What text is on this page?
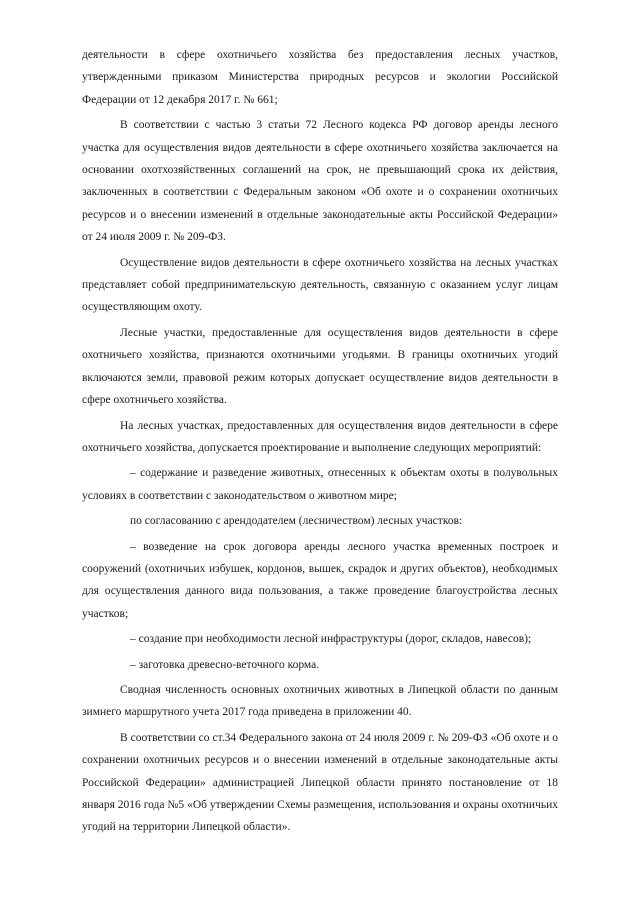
деятельности в сфере охотничьего хозяйства без предоставления лесных участков, утвержденными приказом Министерства природных ресурсов и экологии Российской Федерации от 12 декабря 2017 г. № 661;

В соответствии с частью 3 статьи 72 Лесного кодекса РФ договор аренды лесного участка для осуществления видов деятельности в сфере охотничьего хозяйства заключается на основании охотхозяйственных соглашений на срок, не превышающий срока их действия, заключенных в соответствии с Федеральным законом «Об охоте и о сохранении охотничьих ресурсов и о внесении изменений в отдельные законодательные акты Российской Федерации» от 24 июля 2009 г. № 209-ФЗ.

Осуществление видов деятельности в сфере охотничьего хозяйства на лесных участках представляет собой предпринимательскую деятельность, связанную с оказанием услуг лицам осуществляющим охоту.

Лесные участки, предоставленные для осуществления видов деятельности в сфере охотничьего хозяйства, признаются охотничьими угодьями. В границы охотничьих угодий включаются земли, правовой режим которых допускает осуществление видов деятельности в сфере охотничьего хозяйства.

На лесных участках, предоставленных для осуществления видов деятельности в сфере охотничьего хозяйства, допускается проектирование и выполнение следующих мероприятий:

– содержание и разведение животных, отнесенных к объектам охоты в полувольных условиях в соответствии с законодательством о животном мире;

по согласованию с арендодателем (лесничеством) лесных участков:

– возведение на срок договора аренды лесного участка временных построек и сооружений (охотничьих избушек, кордонов, вышек, скрадок и других объектов), необходимых для осуществления данного вида пользования, а также проведение благоустройства лесных участков;

– создание при необходимости лесной инфраструктуры (дорог, складов, навесов);

– заготовка древесно-веточного корма.

Сводная численность основных охотничьих животных в Липецкой области по данным зимнего маршрутного учета 2017 года приведена в приложении 40.

В соответствии со ст.34 Федерального закона от 24 июля 2009 г. № 209-ФЗ «Об охоте и о сохранении охотничьих ресурсов и о внесении изменений в отдельные законодательные акты Российской Федерации» администрацией Липецкой области принято постановление от 18 января 2016 года №5 «Об утверждении Схемы размещения, использования и охраны охотничьих угодий на территории Липецкой области».
